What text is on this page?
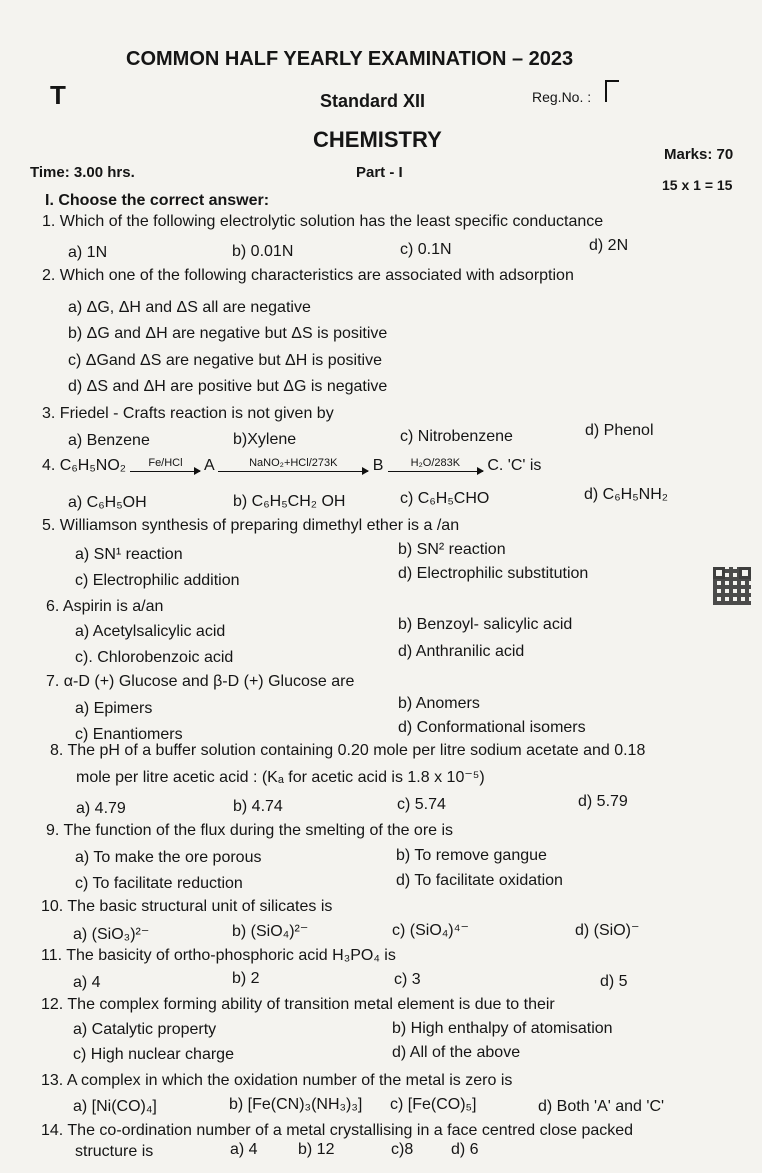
COMMON HALF YEARLY EXAMINATION – 2023
T	Standard XII	Reg.No. :
CHEMISTRY
Time: 3.00 hrs.	Part - I
Marks: 70
15 x 1 = 15
I. Choose the correct answer:
1. Which of the following electrolytic solution has the least specific conductance
a) 1N	b) 0.01N	c) 0.1N	d) 2N
2. Which one of the following characteristics are associated with adsorption
a) ΔG, ΔH and ΔS all are negative
b) ΔG and ΔH are negative but ΔS is positive
c) ΔGand ΔS are negative but ΔH is positive
d) ΔS and ΔH are positive but ΔG is negative
3. Friedel - Crafts reaction is not given by
a) Benzene	b)Xylene	c) Nitrobenzene	d) Phenol
4. C₆H₅NO₂	Fe/HCl	A	NaNO₂+HCl/273K	B	H₂O/283K	C. 'C' is
a) C₆H₅OH	b) C₆H₅CH₂ OH	c) C₆H₅CHO	d) C₆H₅NH₂
5. Williamson synthesis of preparing dimethyl ether is a /an
a) SN¹ reaction	b) SN² reaction
c) Electrophilic addition	d) Electrophilic substitution
6. Aspirin is a/an
a) Acetylsalicylic acid	b) Benzoyl- salicylic acid
c). Chlorobenzoic acid	d) Anthranilic acid
7. α-D (+) Glucose and β-D (+) Glucose are
a) Epimers	b) Anomers
c) Enantiomers	d) Conformational isomers
8. The pH of a buffer solution containing 0.20 mole per litre sodium acetate and 0.18
mole per litre acetic acid : (Kₐ for acetic acid is 1.8 x 10⁻⁵)
a) 4.79	b) 4.74	c) 5.74	d) 5.79
9. The function of the flux during the smelting of the ore is
a) To make the ore porous	b) To remove gangue
c) To facilitate reduction	d) To facilitate oxidation
10. The basic structural unit of silicates is
a) (SiO₃)²⁻	b) (SiO₄)²⁻	c) (SiO₄)⁴⁻	d) (SiO)⁻
11. The basicity of ortho-phosphoric acid H₃PO₄ is
a) 4	b) 2	c) 3	d) 5
12. The complex forming ability of transition metal element is due to their
a) Catalytic property	b) High enthalpy of atomisation
c) High nuclear charge	d) All of the above
13. A complex in which the oxidation number of the metal is zero is
a) [Ni(CO)₄]	b) [Fe(CN)₃(NH₃)₃] c) [Fe(CO)₅]	d) Both 'A' and 'C'
14. The co-ordination number of a metal crystallising in a face centred close packed
structure is	a) 4	b) 12	c)8 d) 6
